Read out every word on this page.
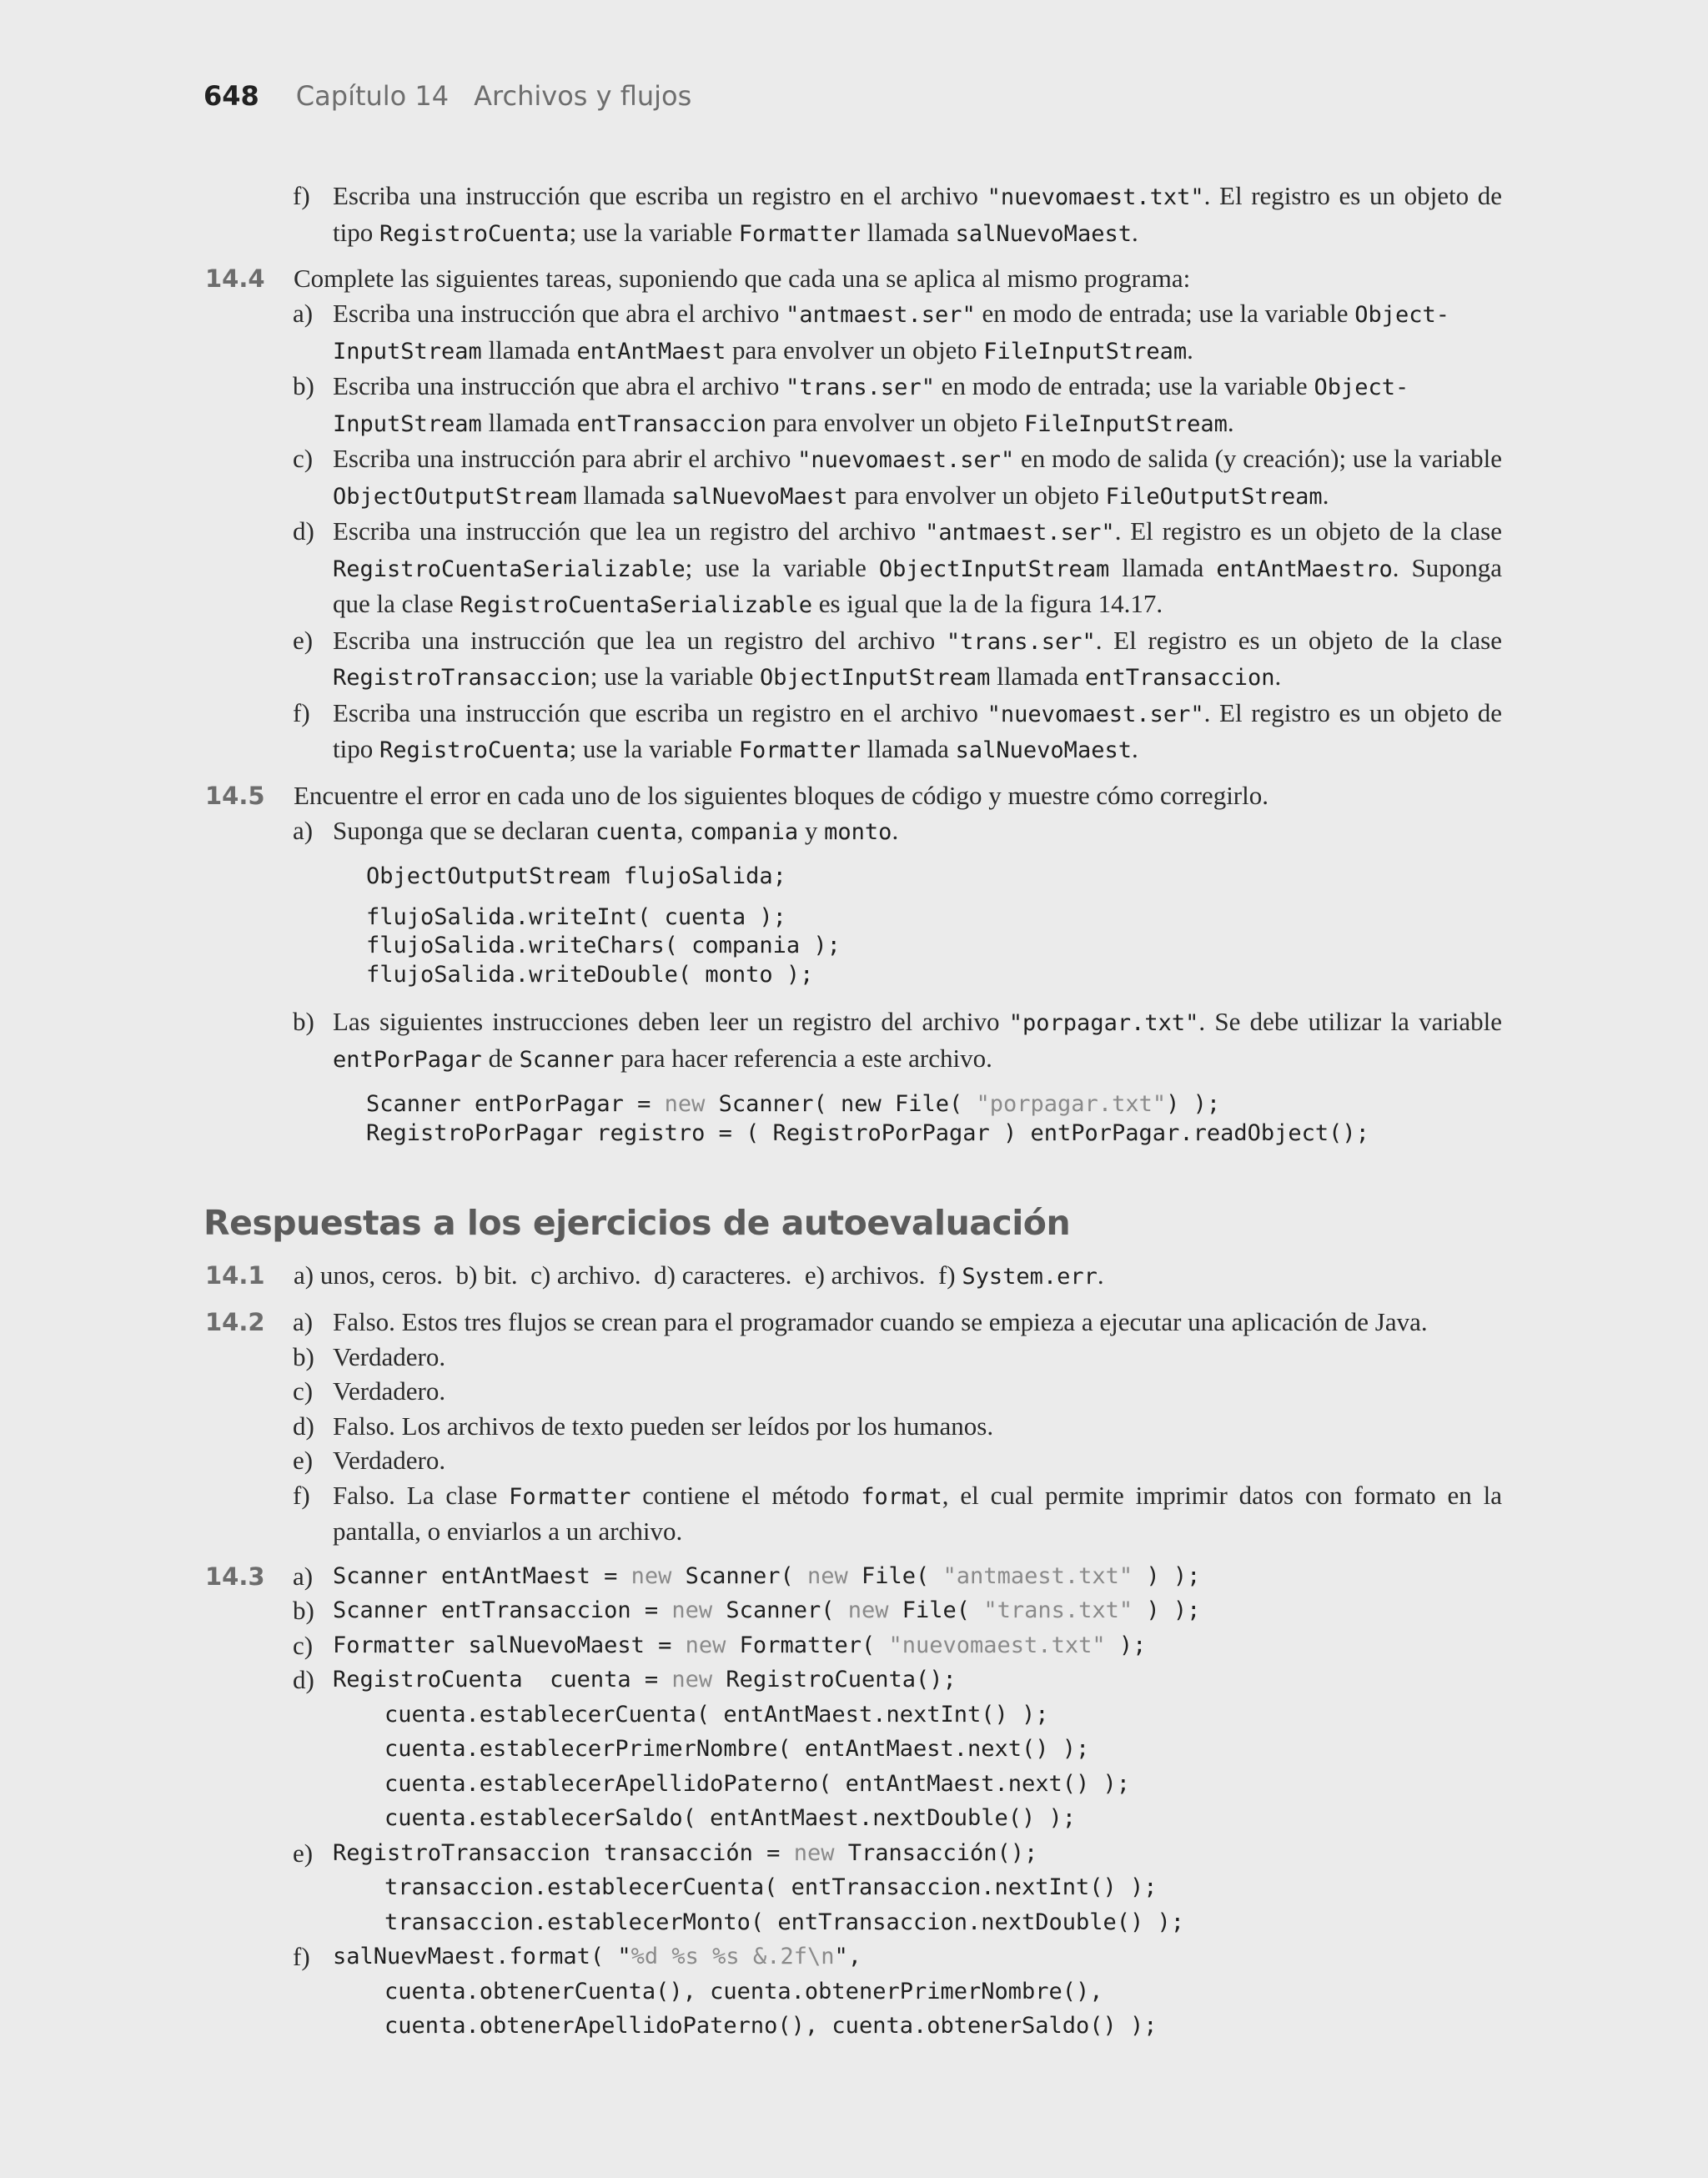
648 Capítulo 14 Archivos y flujos
f) Escriba una instrucción que escriba un registro en el archivo "nuevomaest.txt". El registro es un objeto de tipo RegistroCuenta; use la variable Formatter llamada salNuevoMaest.
14.4	Complete las siguientes tareas, suponiendo que cada una se aplica al mismo programa:
a) Escriba una instrucción que abra el archivo "antmaest.ser" en modo de entrada; use la variable Object-
InputStream llamada entAntMaest para envolver un objeto FileInputStream.
b) Escriba una instrucción que abra el archivo "trans.ser" en modo de entrada; use la variable Object-
InputStream llamada entTransaccion para envolver un objeto FileInputStream.
c) Escriba una instrucción para abrir el archivo "nuevomaest.ser" en modo de salida (y creación); use la variable ObjectOutputStream llamada salNuevoMaest para envolver un objeto FileOutputStream.
d) Escriba una instrucción que lea un registro del archivo "antmaest.ser". El registro es un objeto de la clase RegistroCuentaSerializable; use la variable ObjectInputStream llamada entAntMaestro. Suponga que la clase RegistroCuentaSerializable es igual que la de la figura 14.17.
e) Escriba una instrucción que lea un registro del archivo "trans.ser". El registro es un objeto de la clase RegistroTransaccion; use la variable ObjectInputStream llamada entTransaccion.
f) Escriba una instrucción que escriba un registro en el archivo "nuevomaest.ser". El registro es un objeto de tipo RegistroCuenta; use la variable Formatter llamada salNuevoMaest.
14.5	Encuentre el error en cada uno de los siguientes bloques de código y muestre cómo corregirlo.
a) Suponga que se declaran cuenta, compania y monto.
ObjectOutputStream flujoSalida;
flujoSalida.writeInt( cuenta );
flujoSalida.writeChars( compania );
flujoSalida.writeDouble( monto );
b) Las siguientes instrucciones deben leer un registro del archivo "porpagar.txt". Se debe utilizar la variable entPorPagar de Scanner para hacer referencia a este archivo.
Scanner entPorPagar = new Scanner( new File( "porpagar.txt") );
RegistroPorPagar registro = ( RegistroPorPagar ) entPorPagar.readObject();
Respuestas a los ejercicios de autoevaluación
14.1	a) unos, ceros.  b) bit.  c) archivo.  d) caracteres.  e) archivos.  f) System.err.
14.2 a) Falso. Estos tres flujos se crean para el programador cuando se empieza a ejecutar una aplicación de Java.
b) Verdadero.
c) Verdadero.
d) Falso. Los archivos de texto pueden ser leídos por los humanos.
e) Verdadero.
f) Falso. La clase Formatter contiene el método format, el cual permite imprimir datos con formato en la pantalla, o enviarlos a un archivo.
14.3 a) Scanner entAntMaest = new Scanner( new File( "antmaest.txt" ) );
b) Scanner entTransaccion = new Scanner( new File( "trans.txt" ) );
c) Formatter salNuevoMaest = new Formatter( "nuevomaest.txt" );
d) RegistroCuenta  cuenta = new RegistroCuenta();
cuenta.establecerCuenta( entAntMaest.nextInt() );
cuenta.establecerPrimerNombre( entAntMaest.next() );
cuenta.establecerApellidoPaterno( entAntMaest.next() );
cuenta.establecerSaldo( entAntMaest.nextDouble() );
e) RegistroTransaccion transacción = new Transacción();
transaccion.establecerCuenta( entTransaccion.nextInt() );
transaccion.establecerMonto( entTransaccion.nextDouble() );
f) salNuevMaest.format( "%d %s %s &.2f\n",
cuenta.obtenerCuenta(), cuenta.obtenerPrimerNombre(),
cuenta.obtenerApellidoPaterno(), cuenta.obtenerSaldo() );
